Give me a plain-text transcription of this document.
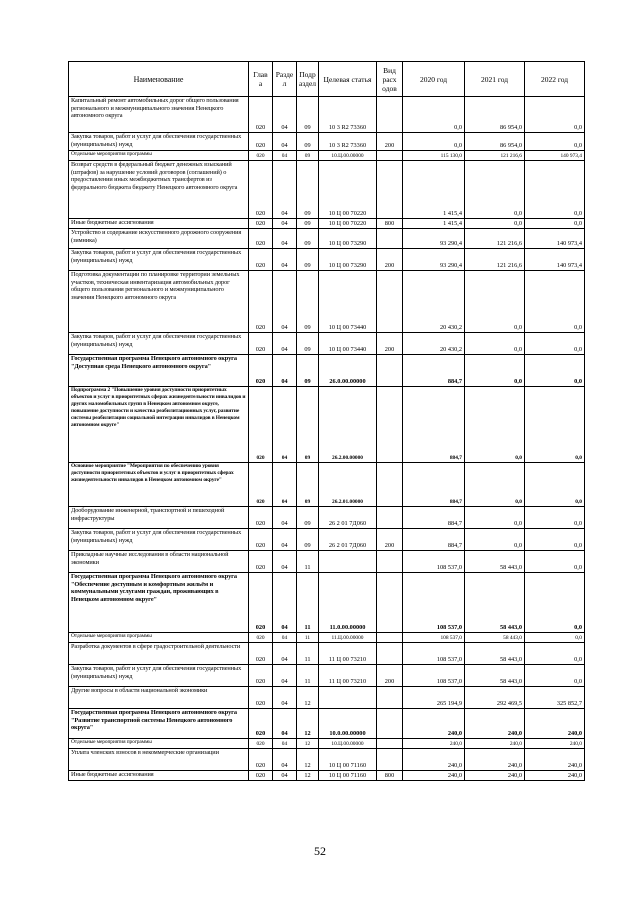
Наименование	Глав а	Разде л	Подр аздел	Целевая статья	Вид расх одов	2020 год	2021 год	2022 год
Капитальный ремонт автомобильных дорог общего пользования регионального и межмуниципального значения Ненецкого автономного округа	020	04	09	10 3 R2 73360		0,0	86 954,0	0,0
Закупка товаров, работ и услуг для обеспечения государственных (муниципальных) нужд	020	04	09	10 3 R2 73360	200	0,0	86 954,0	0,0
Отдельные мероприятия программы	020	04	09	10.Ц.00.00000		115 130,0	121 216,6	140 973,4
Возврат средств в федеральный бюджет денежных взысканий (штрафов) за нарушение условий договоров (соглашений) о предоставлении иных межбюджетных трансфертов из федерального бюджета бюджету Ненецкого автономного округа	020	04	09	10 Ц 00 70220		1 415,4	0,0	0,0
Иные бюджетные ассигнования	020	04	09	10 Ц 00 70220	800	1 415,4	0,0	0,0
Устройство и содержание искусственного дорожного сооружения (зимника)	020	04	09	10 Ц 00 73290		93 290,4	121 216,6	140 973,4
Закупка товаров, работ и услуг для обеспечения государственных (муниципальных) нужд	020	04	09	10 Ц 00 73290	200	93 290,4	121 216,6	140 973,4
Подготовка документации по планировке территории земельных участков, техническая инвентаризация автомобильных дорог общего пользования регионального и межмуниципального значения Ненецкого автономного округа	020	04	09	10 Ц 00 73440		20 430,2	0,0	0,0
Закупка товаров, работ и услуг для обеспечения государственных (муниципальных) нужд	020	04	09	10 Ц 00 73440	200	20 430,2	0,0	0,0
Государственная программа Ненецкого автономного округа "Доступная среда Ненецкого автономного округа"	020	04	09	26.0.00.00000		884,7	0,0	0,0
Подпрограмма 2 "Повышение уровня доступности приоритетных объектов и услуг в приоритетных сферах жизнедеятельности инвалидов и других маломобильных групп в Ненецком автономном округе, повышение доступности и качества реабилитационных услуг, развитие системы реабилитации социальной интеграции инвалидов в Ненецком автономном округе"	020	04	09	26.2.00.00000		884,7	0,0	0,0
Основное мероприятие "Мероприятия по обеспечению уровня доступности приоритетных объектов и услуг в приоритетных сферах жизнедеятельности инвалидов в Ненецком автономном округе"	020	04	09	26.2.01.00000		884,7	0,0	0,0
Дооборудование инженерной, транспортной и пешеходной инфраструктуры	020	04	09	26 2 01 7Д060		884,7	0,0	0,0
Закупка товаров, работ и услуг для обеспечения государственных (муниципальных) нужд	020	04	09	26 2 01 7Д060	200	884,7	0,0	0,0
Прикладные научные исследования в области национальной экономики	020	04	11			108 537,0	58 443,0	0,0
Государственная программа Ненецкого автономного округа "Обеспечение доступным и комфортным жильём и коммунальными услугами граждан, проживающих в Ненецком автономном округе"	020	04	11	11.0.00.00000		108 537,0	58 443,0	0,0
Отдельные мероприятия программы	020	04	11	11.Ц.00.00000		108 537,0	58 443,0	0,0
Разработка документов в сфере градостроительной деятельности	020	04	11	11 Ц 00 73210		108 537,0	58 443,0	0,0
Закупка товаров, работ и услуг для обеспечения государственных (муниципальных) нужд	020	04	11	11 Ц 00 73210	200	108 537,0	58 443,0	0,0
Другие вопросы в области национальной экономики	020	04	12			265 194,9	292 469,5	325 852,7
Государственная программа Ненецкого автономного округа "Развитие транспортной системы Ненецкого автономного округа"	020	04	12	10.0.00.00000		240,0	240,0	240,0
Отдельные мероприятия программы	020	04	12	10.Ц.00.00000		240,0	240,0	240,0
Уплата членских взносов в некоммерческие организации	020	04	12	10 Ц 00 71160		240,0	240,0	240,0
Иные бюджетные ассигнования	020	04	12	10 Ц 00 71160	800	240,0	240,0	240,0
52
